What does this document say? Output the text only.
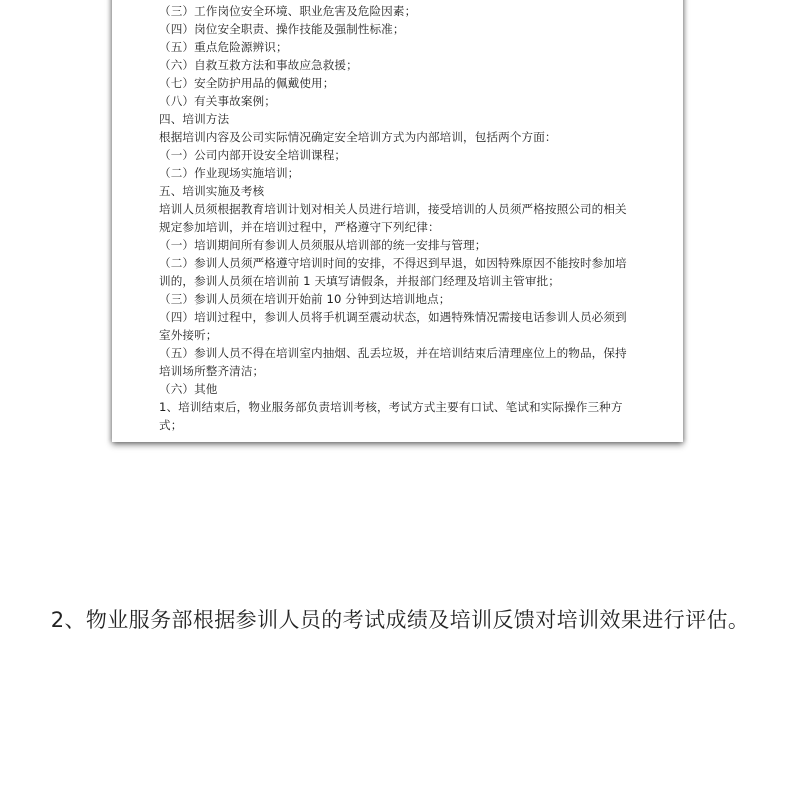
（三）工作岗位安全环境、职业危害及危险因素；
（四）岗位安全职责、操作技能及强制性标准；
（五）重点危险源辨识；
（六）自救互救方法和事故应急救援；
（七）安全防护用品的佩戴使用；
（八）有关事故案例；
四、培训方法
根据培训内容及公司实际情况确定安全培训方式为内部培训，包括两个方面：
（一）公司内部开设安全培训课程；
（二）作业现场实施培训；
五、培训实施及考核
培训人员须根据教育培训计划对相关人员进行培训，接受培训的人员须严格按照公司的相关
规定参加培训，并在培训过程中，严格遵守下列纪律：
（一）培训期间所有参训人员须服从培训部的统一安排与管理；
（二）参训人员须严格遵守培训时间的安排，不得迟到早退，如因特殊原因不能按时参加培
训的，参训人员须在培训前 1 天填写请假条，并报部门经理及培训主管审批；
（三）参训人员须在培训开始前 10 分钟到达培训地点；
（四）培训过程中，参训人员将手机调至震动状态，如遇特殊情况需接电话参训人员必须到
室外接听；
（五）参训人员不得在培训室内抽烟、乱丢垃圾，并在培训结束后清理座位上的物品，保持
培训场所整齐清洁；
（六）其他
1、培训结束后，物业服务部负责培训考核，考试方式主要有口试、笔试和实际操作三种方
式；
2、物业服务部根据参训人员的考试成绩及培训反馈对培训效果进行评估。
